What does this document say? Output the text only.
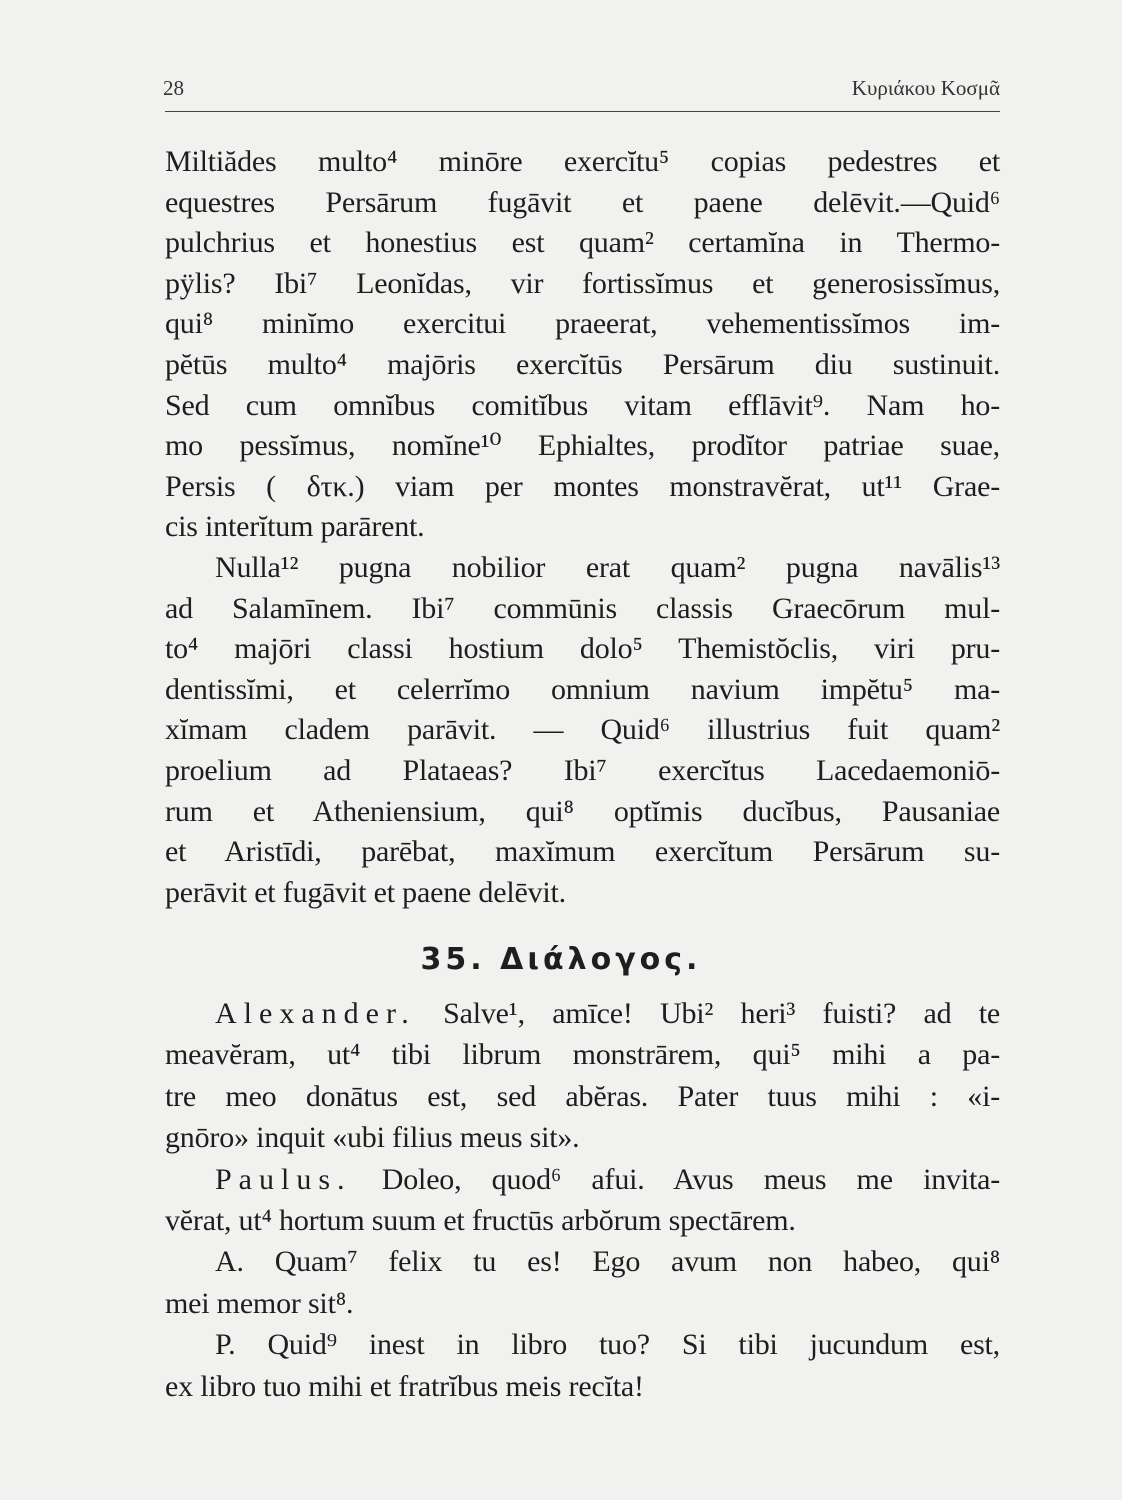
28	Κυριάκου Κοσμᾶ
Miltiădes multo⁴ minōre exercĭtu⁵ copias pedestres et
equestres Persārum fugāvit et paene delēvit.—Quid⁶
pulchrius et honestius est quam² certamĭna in Thermo-
pÿlis? Ibi⁷ Leonĭdas, vir fortissĭmus et generosissĭmus,
qui⁸ minĭmo exercitui praeerat, vehementissĭmos im-
pĕtūs multo⁴ majōris exercĭtūs Persārum diu sustinuit.
Sed cum omnĭbus comitĭbus vitam efflāvit⁹. Nam ho-
mo pessĭmus, nomĭne¹⁰ Ephialtes, prodĭtor patriae suae,
Persis ( δτκ.) viam per montes monstravĕrat, ut¹¹ Grae-
cis interĭtum parārent.
Nulla¹² pugna nobilior erat quam² pugna navālis¹³
ad Salamīnem. Ibi⁷ commūnis classis Graecōrum mul-
to⁴ majōri classi hostium dolo⁵ Themistŏclis, viri pru-
dentissĭmi, et celerrĭmo omnium navium impĕtu⁵ ma-
xĭmam cladem parāvit. — Quid⁶ illustrius fuit quam²
proelium ad Plataeas? Ibi⁷ exercĭtus Lacedaemoniō-
rum et Atheniensium, qui⁸ optĭmis ducĭbus, Pausaniae
et Aristīdi, parēbat, maxĭmum exercĭtum Persārum su-
perāvit et fugāvit et paene delēvit.
35. Διάλογος.
Alexander. Salve¹, amīce! Ubi² heri³ fuisti? ad te
meavĕram, ut⁴ tibi librum monstrārem, qui⁵ mihi a pa-
tre meo donātus est, sed abĕras. Pater tuus mihi : «i-
gnōro» inquit «ubi filius meus sit».
Paulus. Doleo, quod⁶ afui. Avus meus me invita-
vĕrat, ut⁴ hortum suum et fructūs arbŏrum spectārem.
A. Quam⁷ felix tu es! Ego avum non habeo, qui⁸
mei memor sit⁸.
P. Quid⁹ inest in libro tuo? Si tibi jucundum est,
ex libro tuo mihi et fratrĭbus meis recĭta!
